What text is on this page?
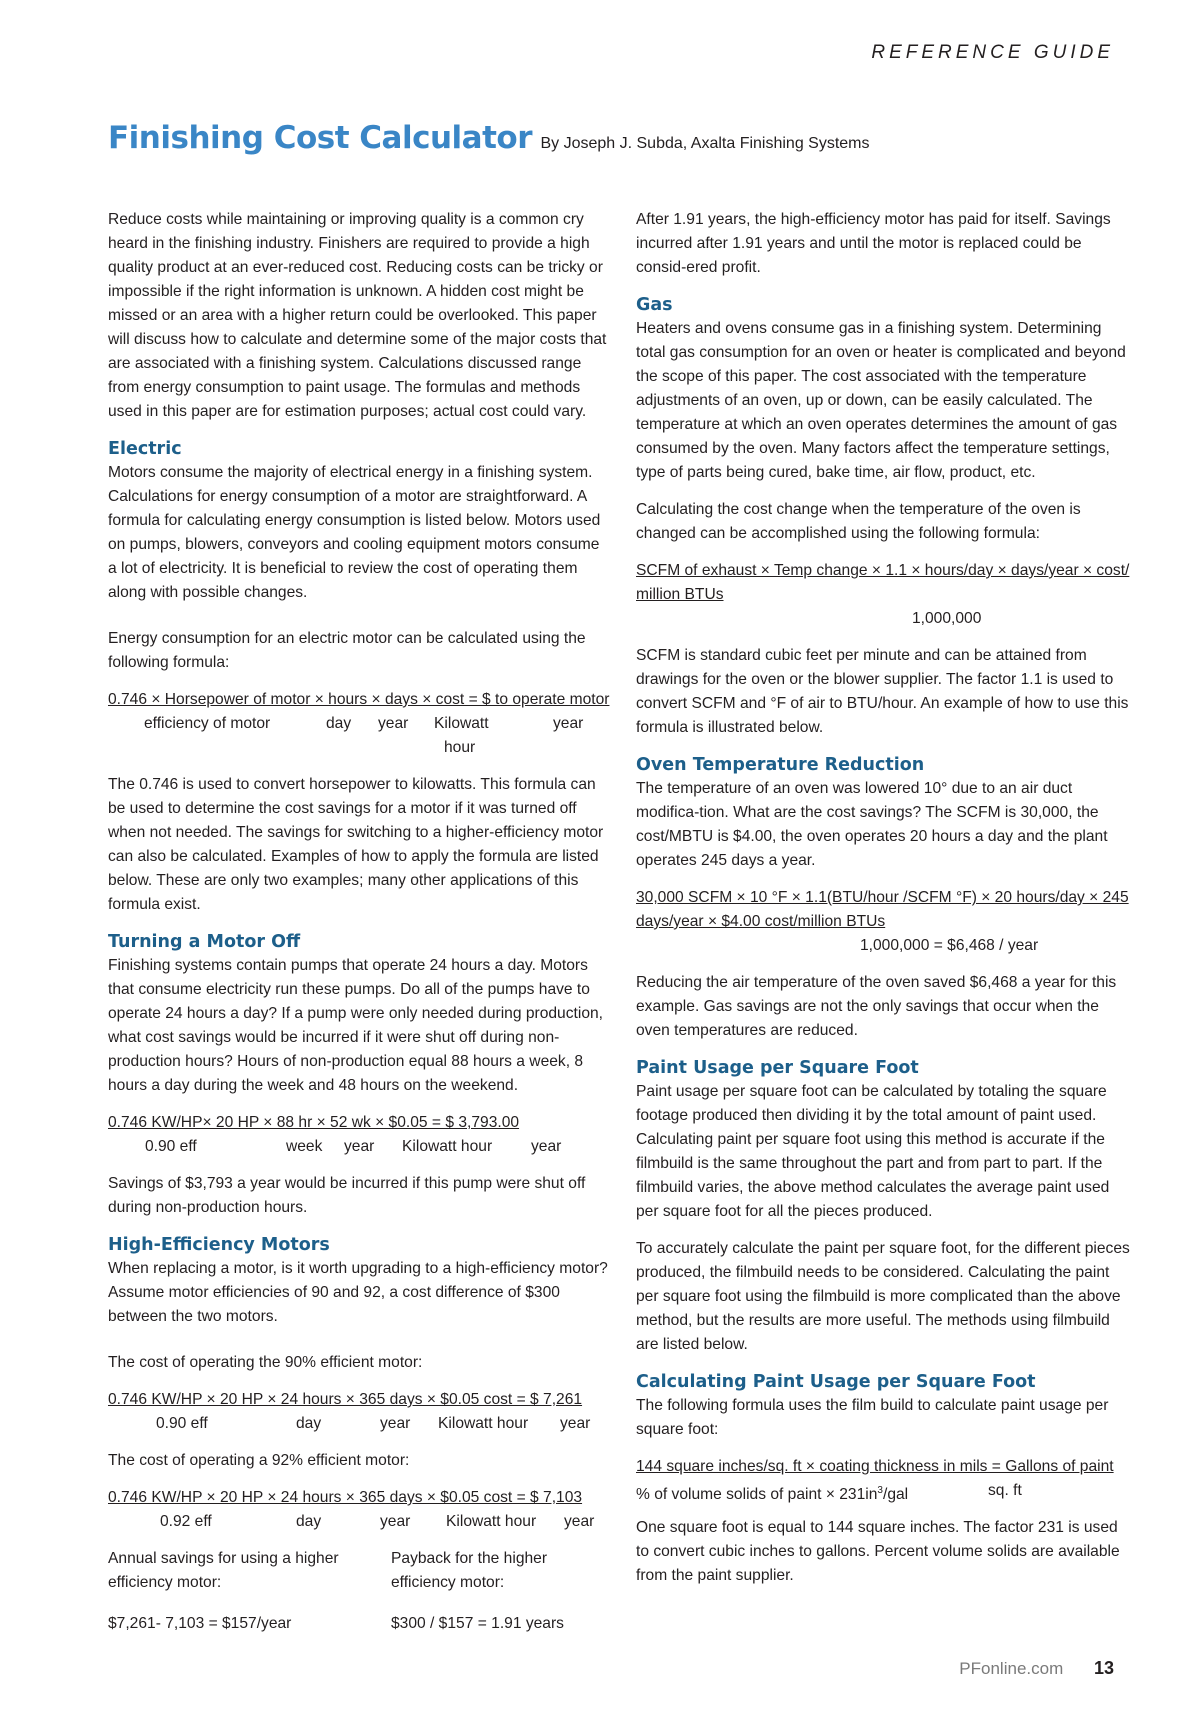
REFERENCE GUIDE
Finishing Cost Calculator By Joseph J. Subda, Axalta Finishing Systems

Reduce costs while maintaining or improving quality is a common cry heard in the finishing industry. Finishers are required to provide a high quality product at an ever-reduced cost. Reducing costs can be tricky or impossible if the right information is unknown. A hidden cost might be missed or an area with a higher return could be overlooked. This paper will discuss how to calculate and determine some of the major costs that are associated with a finishing system. Calculations discussed range from energy consumption to paint usage. The formulas and methods used in this paper are for estimation purposes; actual cost could vary.

Electric

Motors consume the majority of electrical energy in a finishing system. Calculations for energy consumption of a motor are straightforward. A formula for calculating energy consumption is listed below. Motors used on pumps, blowers, conveyors and cooling equipment motors consume a lot of electricity. It is beneficial to review the cost of operating them along with possible changes.

Energy consumption for an electric motor can be calculated using the following formula:

0.746 × Horsepower of motor × hours × days × cost = $ to operate motor
efficiency of motor	day year Kilowatt	year
hour

The 0.746 is used to convert horsepower to kilowatts. This formula can be used to determine the cost savings for a motor if it was turned off when not needed. The savings for switching to a higher-efficiency motor can also be calculated. Examples of how to apply the formula are listed below. These are only two examples; many other applications of this formula exist.

Turning a Motor Off

Finishing systems contain pumps that operate 24 hours a day. Motors that consume electricity run these pumps. Do all of the pumps have to operate 24 hours a day? If a pump were only needed during production, what cost savings would be incurred if it were shut off during non-production hours? Hours of non-production equal 88 hours a week, 8 hours a day during the week and 48 hours on the weekend.

0.746 KW/HP× 20 HP × 88 hr × 52 wk × $0.05 = $ 3,793.00
0.90 eff	week year Kilowatt hour year

Savings of $3,793 a year would be incurred if this pump were shut off during non-production hours.

High-Efficiency Motors

When replacing a motor, is it worth upgrading to a high-efficiency motor? Assume motor efficiencies of 90 and 92, a cost difference of $300 between the two motors.

The cost of operating the 90% efficient motor:

0.746 KW/HP × 20 HP × 24 hours × 365 days × $0.05 cost = $ 7,261
0.90 eff	day	year Kilowatt hour year

The cost of operating a 92% efficient motor:

0.746 KW/HP × 20 HP × 24 hours × 365 days × $0.05 cost = $ 7,103
0.92 eff	day	year Kilowatt hour year

Annual savings for using a higher efficiency motor:

$7,261- 7,103 = $157/year

Payback for the higher efficiency motor:

$300 / $157 = 1.91 years

After 1.91 years, the high-efficiency motor has paid for itself. Savings incurred after 1.91 years and until the motor is replaced could be consid-ered profit.

Gas

Heaters and ovens consume gas in a finishing system. Determining total gas consumption for an oven or heater is complicated and beyond the scope of this paper. The cost associated with the temperature adjustments of an oven, up or down, can be easily calculated. The temperature at which an oven operates determines the amount of gas consumed by the oven. Many factors affect the temperature settings, type of parts being cured, bake time, air flow, product, etc.

Calculating the cost change when the temperature of the oven is changed can be accomplished using the following formula:

SCFM of exhaust × Temp change × 1.1 × hours/day × days/year × cost/
million BTUs
1,000,000

SCFM is standard cubic feet per minute and can be attained from drawings for the oven or the blower supplier. The factor 1.1 is used to convert SCFM and °F of air to BTU/hour. An example of how to use this formula is illustrated below.

Oven Temperature Reduction

The temperature of an oven was lowered 10° due to an air duct modifica-tion. What are the cost savings? The SCFM is 30,000, the cost/MBTU is $4.00, the oven operates 20 hours a day and the plant operates 245 days a year.

30,000 SCFM × 10 °F × 1.1(BTU/hour /SCFM °F) × 20 hours/day × 245
days/year × $4.00 cost/million BTUs
1,000,000 = $6,468 / year

Reducing the air temperature of the oven saved $6,468 a year for this example. Gas savings are not the only savings that occur when the oven temperatures are reduced.

Paint Usage per Square Foot

Paint usage per square foot can be calculated by totaling the square footage produced then dividing it by the total amount of paint used. Calculating paint per square foot using this method is accurate if the filmbuild is the same throughout the part and from part to part. If the filmbuild varies, the above method calculates the average paint used per square foot for all the pieces produced.

To accurately calculate the paint per square foot, for the different pieces produced, the filmbuild needs to be considered. Calculating the paint per square foot using the filmbuild is more complicated than the above method, but the results are more useful. The methods using filmbuild are listed below.

Calculating Paint Usage per Square Foot

The following formula uses the film build to calculate paint usage per square foot:

144 square inches/sq. ft × coating thickness in mils = Gallons of paint
% of volume solids of paint × $231in^3$/gal	sq. ft

One square foot is equal to 144 square inches. The factor 231 is used to convert cubic inches to gallons. Percent volume solids are available from the paint supplier.

PFonline.com 13
